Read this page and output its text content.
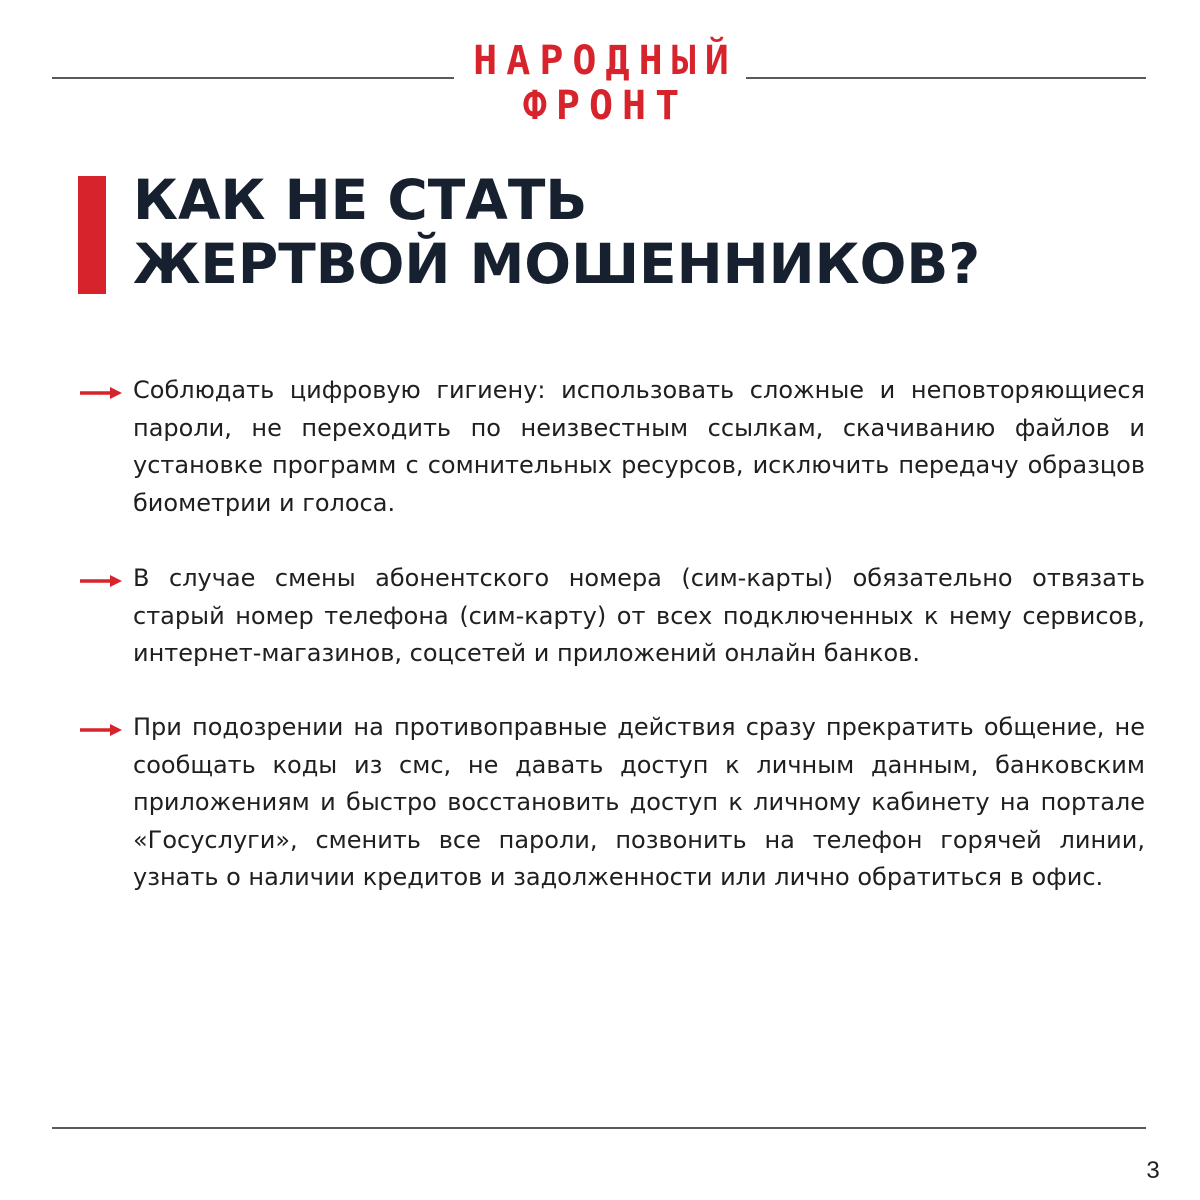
НАРОДНЫЙ
ФРОНТ
КАК НЕ СТАТЬ
ЖЕРТВОЙ МОШЕННИКОВ?
Соблюдать цифровую гигиену: использовать сложные и неповторяющиеся пароли, не переходить по неизвестным ссылкам, скачиванию файлов и установке программ с сомнительных ресурсов, исключить передачу образцов биометрии и голоса.
В случае смены абонентского номера (сим-карты) обязательно отвязать старый номер телефона (сим-карту) от всех подключенных к нему сервисов, интернет-магазинов, соцсетей и приложений онлайн банков.
При подозрении на противоправные действия сразу прекратить общение, не сообщать коды из смс, не давать доступ к личным данным, банковским приложениям и быстро восстановить доступ к личному кабинету на портале «Госуслуги», сменить все пароли, позвонить на телефон горячей линии, узнать о наличии кредитов и задолженности или лично обратиться в офис.
3
